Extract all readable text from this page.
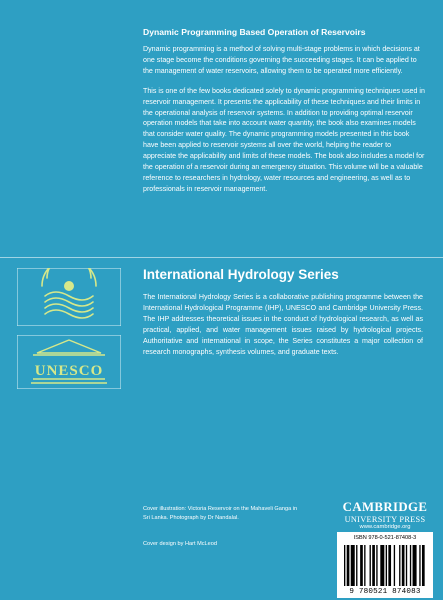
Dynamic Programming Based Operation of Reservoirs

Dynamic programming is a method of solving multi-stage problems in which decisions at one stage become the conditions governing the succeeding stages. It can be applied to the management of water reservoirs, allowing them to be operated more efficiently.

This is one of the few books dedicated solely to dynamic programming techniques used in reservoir management. It presents the applicability of these techniques and their limits in the operational analysis of reservoir systems. In addition to providing optimal reservoir operation models that take into account water quantity, the book also examines models that consider water quality. The dynamic programming models presented in this book have been applied to reservoir systems all over the world, helping the reader to appreciate the applicability and limits of these models. The book also includes a model for the operation of a reservoir during an emergency situation. This volume will be a valuable reference to researchers in hydrology, water resources and engineering, as well as to professionals in reservoir management.

UNESCO
International Hydrology Series

The International Hydrology Series is a collaborative publishing programme between the International Hydrological Programme (IHP), UNESCO and Cambridge University Press. The IHP addresses theoretical issues in the conduct of hydrological research, as well as practical, applied, and water management issues raised by hydrological projects. Authoritative and international in scope, the Series constitutes a major collection of research monographs, synthesis volumes, and graduate texts.

Cover illustration: Victoria Reservoir on the Mahaveli Ganga in Sri Lanka. Photograph by Dr Nandalal.
Cover design by Hart McLeod
CAMBRIDGE
UNIVERSITY PRESS
www.cambridge.org
ISBN 978-0-521-87408-3
9 780521 874083
